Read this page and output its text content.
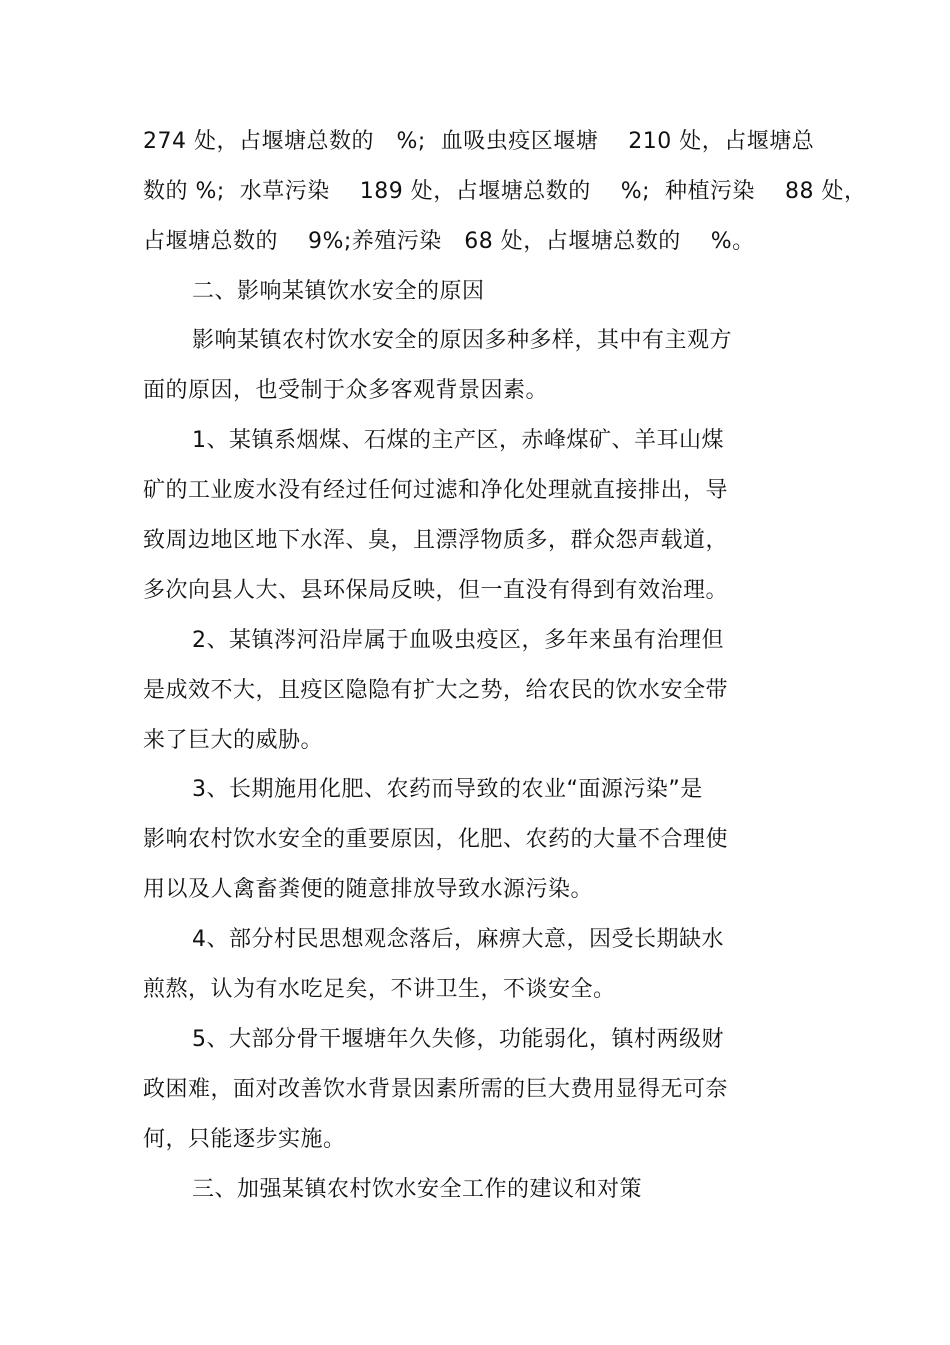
274 处，占堰塘总数的   %;  血吸虫疫区堰塘    210 处，占堰塘总
数的 %;  水草污染    189 处，占堰塘总数的    %;  种植污染    88 处，
占堰塘总数的    9%;养殖污染   68 处，占堰塘总数的    %。
二、影响某镇饮水安全的原因
影响某镇农村饮水安全的原因多种多样，其中有主观方
面的原因，也受制于众多客观背景因素。
1、某镇系烟煤、石煤的主产区，赤峰煤矿、羊耳山煤
矿的工业废水没有经过任何过滤和净化处理就直接排出，导
致周边地区地下水浑、臭，且漂浮物质多，群众怨声载道，
多次向县人大、县环保局反映，但一直没有得到有效治理。
2、某镇涔河沿岸属于血吸虫疫区，多年来虽有治理但
是成效不大，且疫区隐隐有扩大之势，给农民的饮水安全带
来了巨大的威胁。
3、长期施用化肥、农药而导致的农业“面源污染”是
影响农村饮水安全的重要原因，化肥、农药的大量不合理使
用以及人禽畜粪便的随意排放导致水源污染。
4、部分村民思想观念落后，麻痹大意，因受长期缺水
煎熬，认为有水吃足矣，不讲卫生，不谈安全。
5、大部分骨干堰塘年久失修，功能弱化，镇村两级财
政困难，面对改善饮水背景因素所需的巨大费用显得无可奈
何，只能逐步实施。
三、加强某镇农村饮水安全工作的建议和对策
